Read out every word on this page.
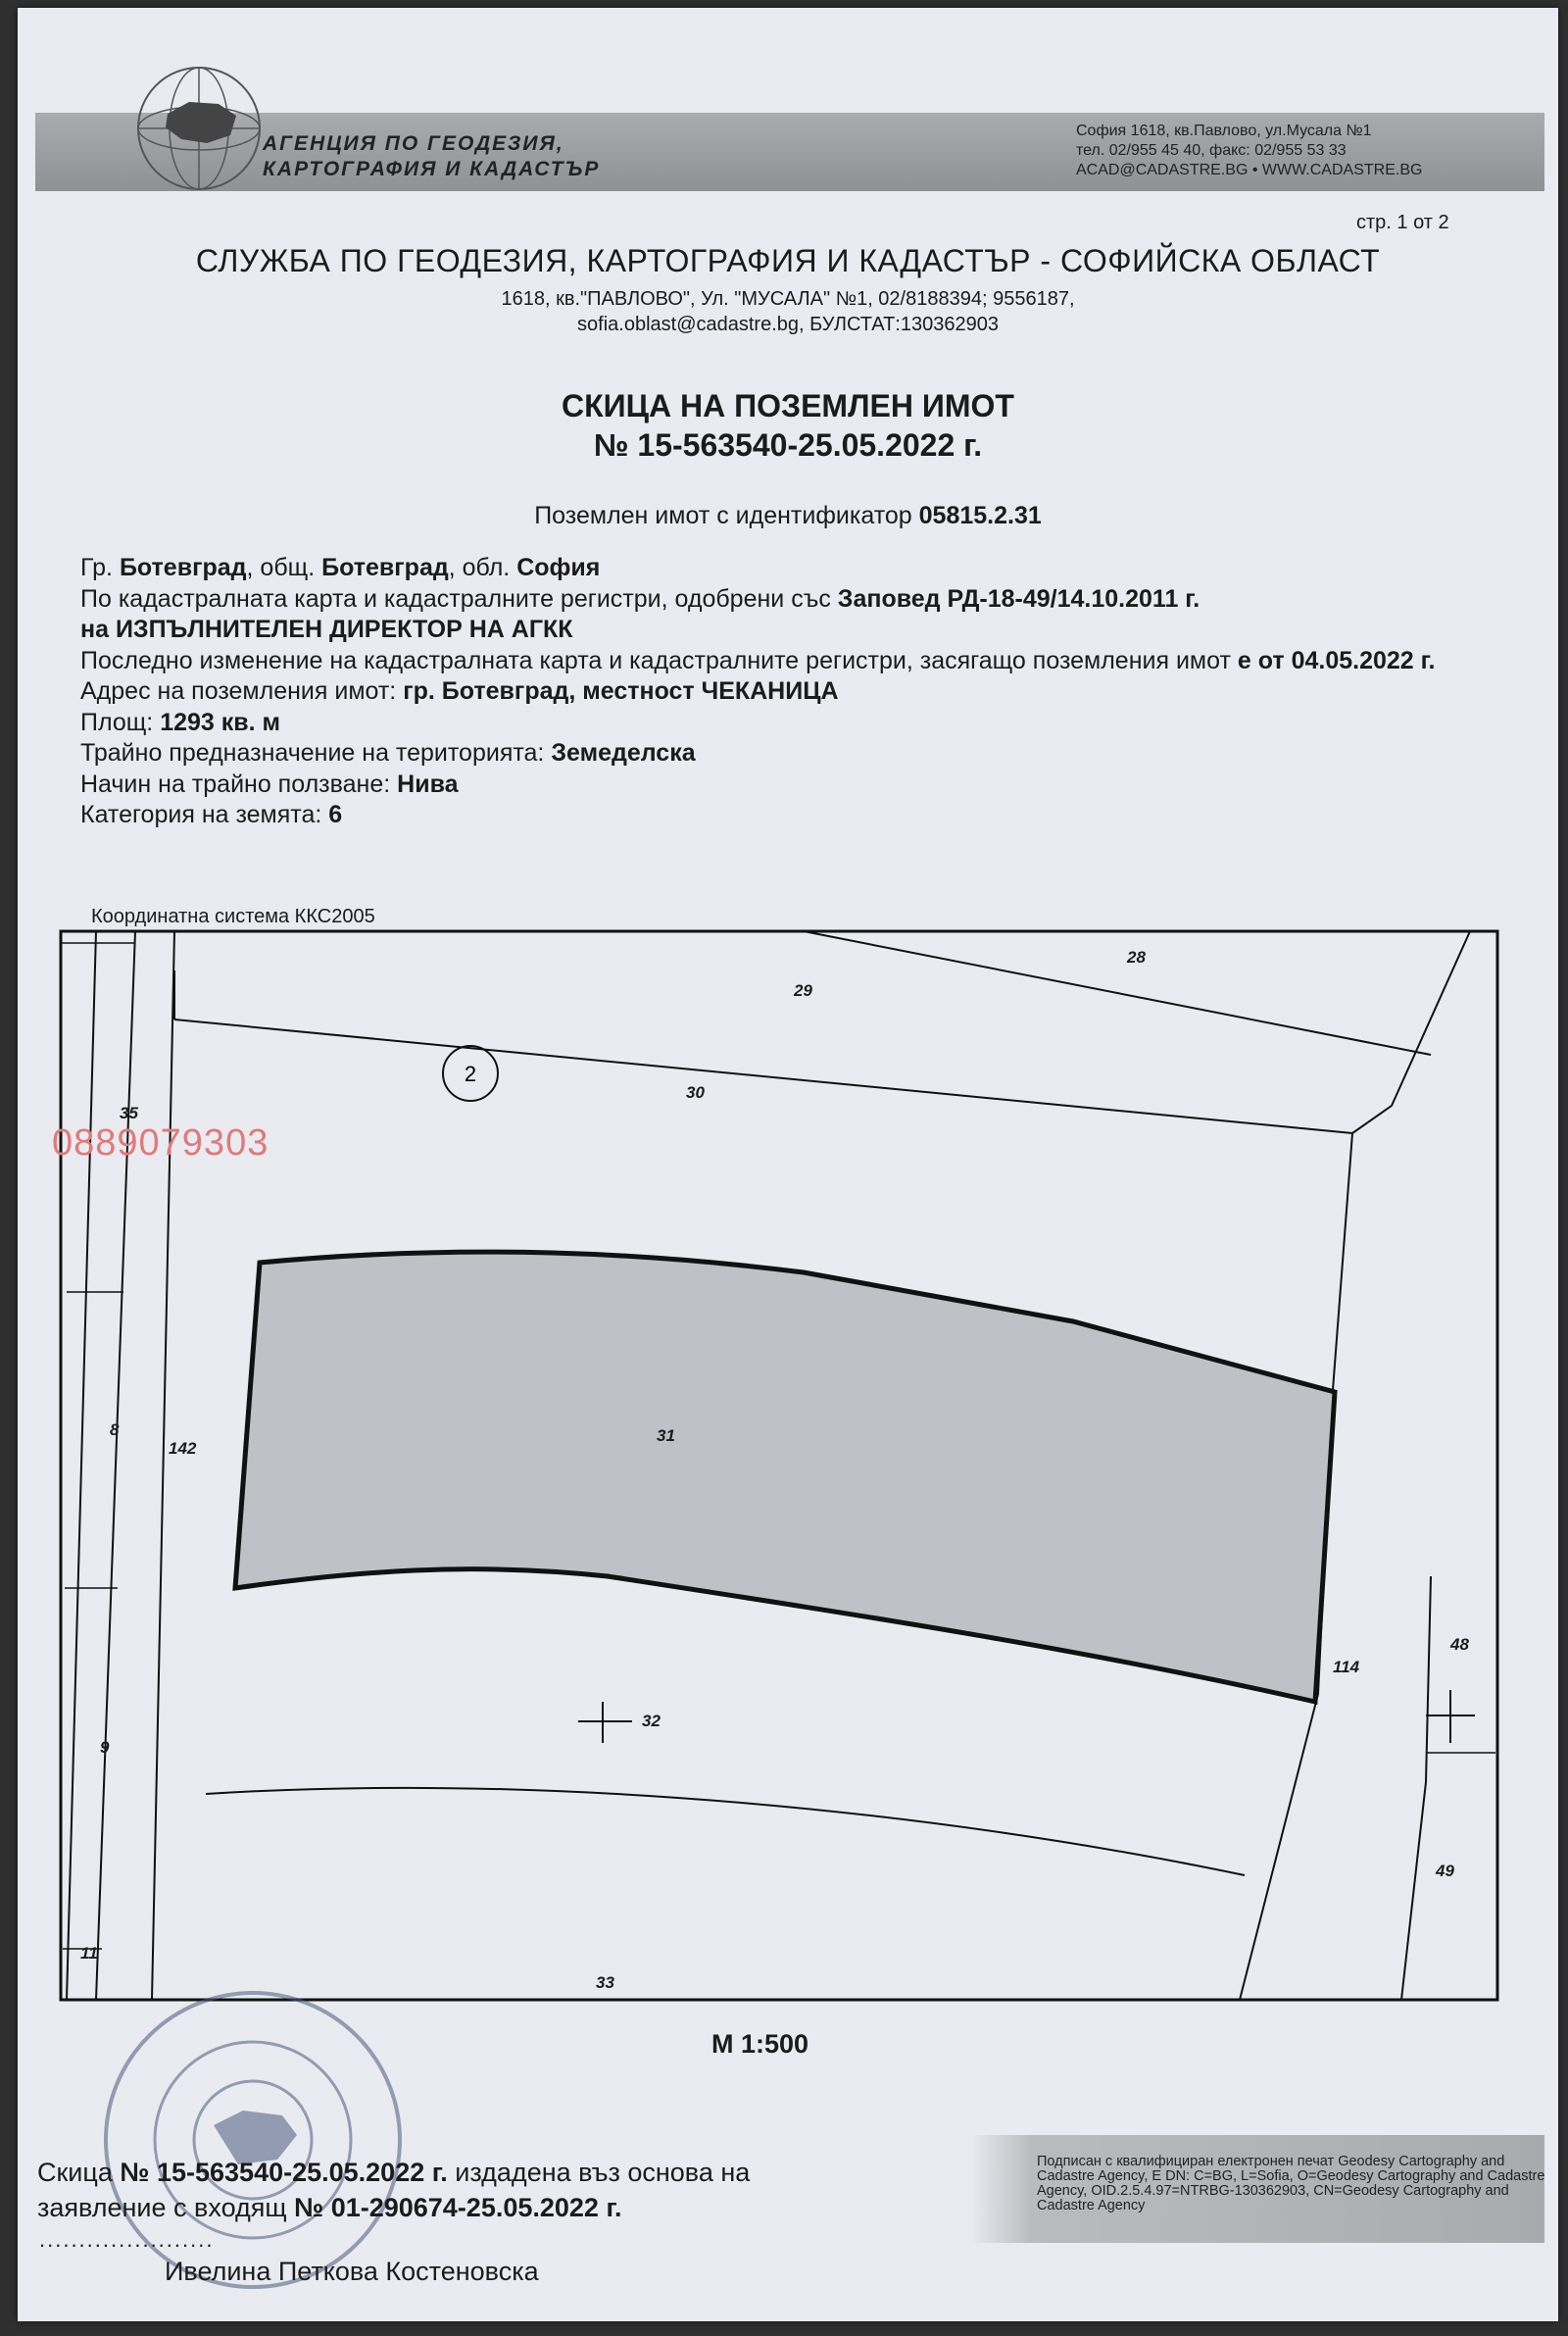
АГЕНЦИЯ ПО ГЕОДЕЗИЯ,
КАРТОГРАФИЯ И КАДАСТЪР
София 1618, кв.Павлово, ул.Мусала №1
тел. 02/955 45 40, факс: 02/955 53 33
ACAD@CADASTRE.BG • WWW.CADASTRE.BG
стр. 1 от 2
СЛУЖБА ПО ГЕОДЕЗИЯ, КАРТОГРАФИЯ И КАДАСТЪР - СОФИЙСКА ОБЛАСТ
1618, кв."ПАВЛОВО", Ул. "МУСАЛА" №1, 02/8188394; 9556187,
sofia.oblast@cadastre.bg, БУЛСТАТ:130362903
СКИЦА НА ПОЗЕМЛЕН ИМОТ
№ 15-563540-25.05.2022 г.
Поземлен имот с идентификатор 05815.2.31
Гр. Ботевград, общ. Ботевград, обл. София
По кадастралната карта и кадастралните регистри, одобрени със Заповед РД-18-49/14.10.2011 г.
на ИЗПЪЛНИТЕЛЕН ДИРЕКТОР НА АГКК
Последно изменение на кадастралната карта и кадастралните регистри, засягащо поземления имот е от 04.05.2022 г.
Адрес на поземления имот: гр. Ботевград, местност ЧЕКАНИЦА
Площ: 1293 кв. м
Трайно предназначение на територията: Земеделска
Начин на трайно ползване: Нива
Категория на земята: 6
Координатна система ККС2005
2
28
29
30
31
32
33
35
8
142
9
11
114
48
49
0889079303
М 1:500
Скица № 15-563540-25.05.2022 г. издадена въз основа на
заявление с входящ № 01-290674-25.05.2022 г.
......................
Ивелина Петкова Костеновска
Подписан с квалифициран електронен печат Geodesy Cartography and Cadastre Agency, E DN: C=BG, L=Sofia, O=Geodesy Cartography and Cadastre Agency, OID.2.5.4.97=NTRBG-130362903, CN=Geodesy Cartography and Cadastre Agency
